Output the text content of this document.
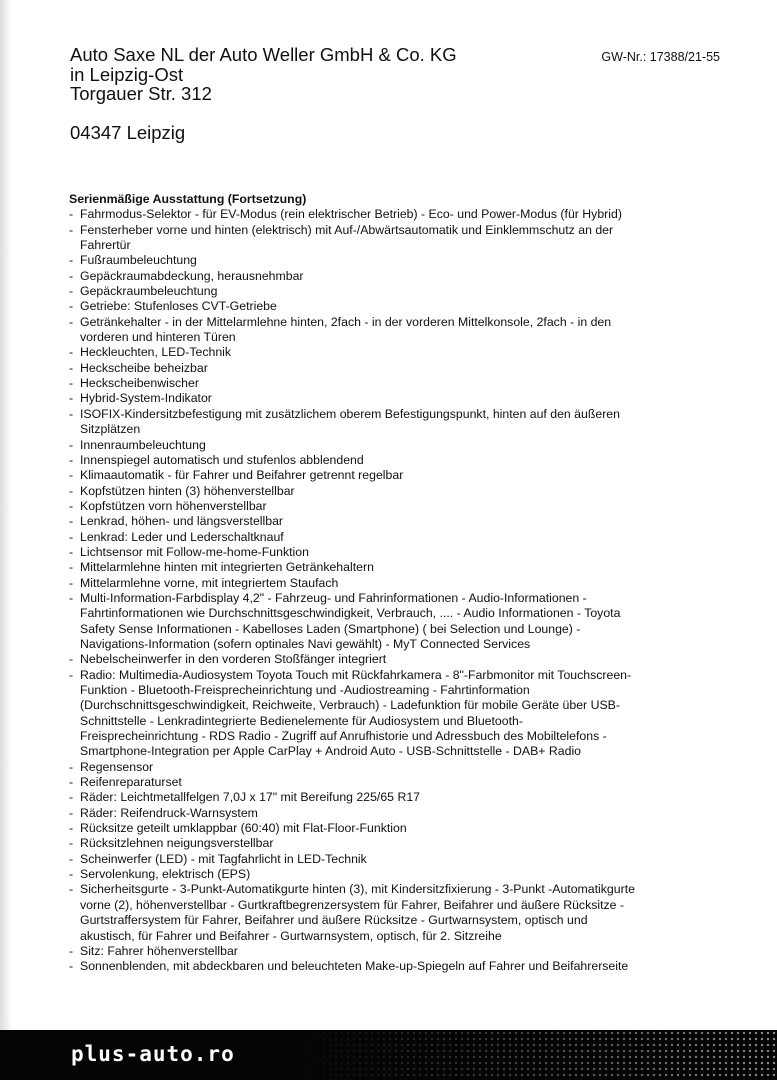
Auto Saxe NL der Auto Weller GmbH & Co. KG
in Leipzig-Ost
Torgauer Str. 312
04347 Leipzig
GW-Nr.: 17388/21-55
Serienmäßige Ausstattung (Fortsetzung)
- Fahrmodus-Selektor - für EV-Modus (rein elektrischer Betrieb) - Eco- und Power-Modus (für Hybrid)
- Fensterheber vorne und hinten (elektrisch) mit Auf-/Abwärtsautomatik und Einklemmschutz an der Fahrertür
- Fußraumbeleuchtung
- Gepäckraumabdeckung, herausnehmbar
- Gepäckraumbeleuchtung
- Getriebe: Stufenloses CVT-Getriebe
- Getränkehalter - in der Mittelarmlehne hinten, 2fach - in der vorderen Mittelkonsole, 2fach - in den vorderen und hinteren Türen
- Heckleuchten, LED-Technik
- Heckscheibe beheizbar
- Heckscheibenwischer
- Hybrid-System-Indikator
- ISOFIX-Kindersitzbefestigung mit zusätzlichem oberem Befestigungspunkt, hinten auf den äußeren Sitzplätzen
- Innenraumbeleuchtung
- Innenspiegel automatisch und stufenlos abblendend
- Klimaautomatik - für Fahrer und Beifahrer getrennt regelbar
- Kopfstützen hinten (3) höhenverstellbar
- Kopfstützen vorn höhenverstellbar
- Lenkrad, höhen- und längsverstellbar
- Lenkrad: Leder und Lederschaltknauf
- Lichtsensor mit Follow-me-home-Funktion
- Mittelarmlehne hinten mit integrierten Getränkehaltern
- Mittelarmlehne vorne, mit integriertem Staufach
- Multi-Information-Farbdisplay 4,2" - Fahrzeug- und Fahrinformationen - Audio-Informationen - Fahrtinformationen wie Durchschnittsgeschwindigkeit, Verbrauch, .... - Audio Informationen - Toyota Safety Sense Informationen - Kabelloses Laden (Smartphone) ( bei Selection und Lounge) - Navigations-Information (sofern optinales Navi gewählt) - MyT Connected Services
- Nebelscheinwerfer in den vorderen Stoßfänger integriert
- Radio: Multimedia-Audiosystem Toyota Touch mit Rückfahrkamera - 8"-Farbmonitor mit Touchscreen-Funktion - Bluetooth-Freisprecheinrichtung und -Audiostreaming - Fahrtinformation (Durchschnittsgeschwindigkeit, Reichweite, Verbrauch) - Ladefunktion für mobile Geräte über USB-Schnittstelle - Lenkradintegrierte Bedienelemente für Audiosystem und Bluetooth-Freisprecheinrichtung - RDS Radio - Zugriff auf Anrufhistorie und Adressbuch des Mobiltelefons - Smartphone-Integration per Apple CarPlay + Android Auto - USB-Schnittstelle - DAB+ Radio
- Regensensor
- Reifenreparaturset
- Räder: Leichtmetallfelgen 7,0J x 17" mit Bereifung 225/65 R17
- Räder: Reifendruck-Warnsystem
- Rücksitze geteilt umklappbar (60:40) mit Flat-Floor-Funktion
- Rücksitzlehnen neigungsverstellbar
- Scheinwerfer (LED) - mit Tagfahrlicht in LED-Technik
- Servolenkung, elektrisch (EPS)
- Sicherheitsgurte - 3-Punkt-Automatikgurte hinten (3), mit Kindersitzfixierung - 3-Punkt -Automatikgurte vorne (2), höhenverstellbar - Gurtkraftbegrenzersystem für Fahrer, Beifahrer und äußere Rücksitze - Gurtstraffersystem für Fahrer, Beifahrer und äußere Rücksitze - Gurtwarnsystem, optisch und akustisch, für Fahrer und Beifahrer - Gurtwarnsystem, optisch, für 2. Sitzreihe
- Sitz: Fahrer höhenverstellbar
- Sonnenblenden, mit abdeckbaren und beleuchteten Make-up-Spiegeln auf Fahrer und Beifahrerseite
plus-auto.ro
